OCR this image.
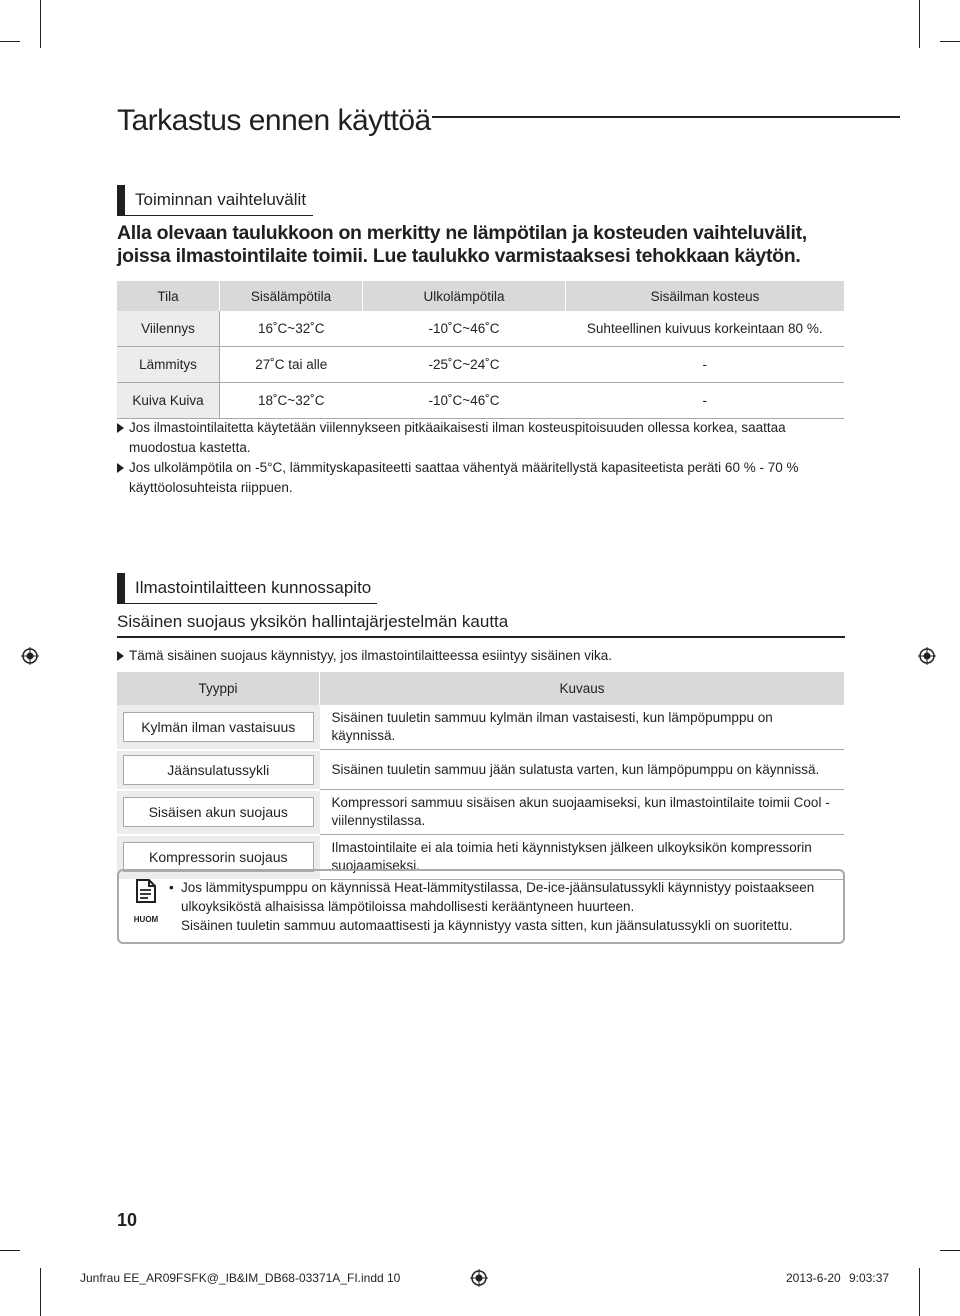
Tarkastus ennen käyttöä
Toiminnan vaihteluvälit
Alla olevaan taulukkoon on merkitty ne lämpötilan ja kosteuden vaihteluvälit, joissa ilmastointilaite toimii. Lue taulukko varmistaaksesi tehokkaan käytön.
Tila	Sisälämpötila	Ulkolämpötila	Sisäilman kosteus
Viilennys	16˚C~32˚C	-10˚C~46˚C	Suhteellinen kuivuus korkeintaan 80 %.
Lämmitys	27˚C tai alle	-25˚C~24˚C	-
Kuiva Kuiva	18˚C~32˚C	-10˚C~46˚C	-
Jos ilmastointilaitetta käytetään viilennykseen pitkäaikaisesti ilman kosteuspitoisuuden ollessa korkea, saattaa muodostua kastetta.
Jos ulkolämpötila on -5°C, lämmityskapasiteetti saattaa vähentyä määritellystä kapasiteetista peräti 60 % - 70 % käyttöolosuhteista riippuen.
Ilmastointilaitteen kunnossapito
Sisäinen suojaus yksikön hallintajärjestelmän kautta
Tämä sisäinen suojaus käynnistyy, jos ilmastointilaitteessa esiintyy sisäinen vika.
Tyyppi	Kuvaus

Kylmän ilman vastaisuus	Sisäinen tuuletin sammuu kylmän ilman vastaisesti, kun lämpöpumppu on käynnissä.

Jäänsulatussykli	Sisäinen tuuletin sammuu jään sulatusta varten, kun lämpöpumppu on käynnissä.

Sisäisen akun suojaus	Kompressori sammuu sisäisen akun suojaamiseksi, kun ilmastointilaite toimii Cool -viilennystilassa.

Kompressorin suojaus	Ilmastointilaite ei ala toimia heti käynnistyksen jälkeen ulkoyksikön kompressorin suojaamiseksi.
HUOM
• Jos lämmityspumppu on käynnissä Heat-lämmitystilassa, De-ice-jäänsulatussykli käynnistyy poistaakseen ulkoyksiköstä alhaisissa lämpötiloissa mahdollisesti kerääntyneen huurteen.
Sisäinen tuuletin sammuu automaattisesti ja käynnistyy vasta sitten, kun jäänsulatussykli on suoritettu.
10
Junfrau EE_AR09FSFK@_IB&IM_DB68-03371A_FI.indd 10	2013-6-20 9:03:37
